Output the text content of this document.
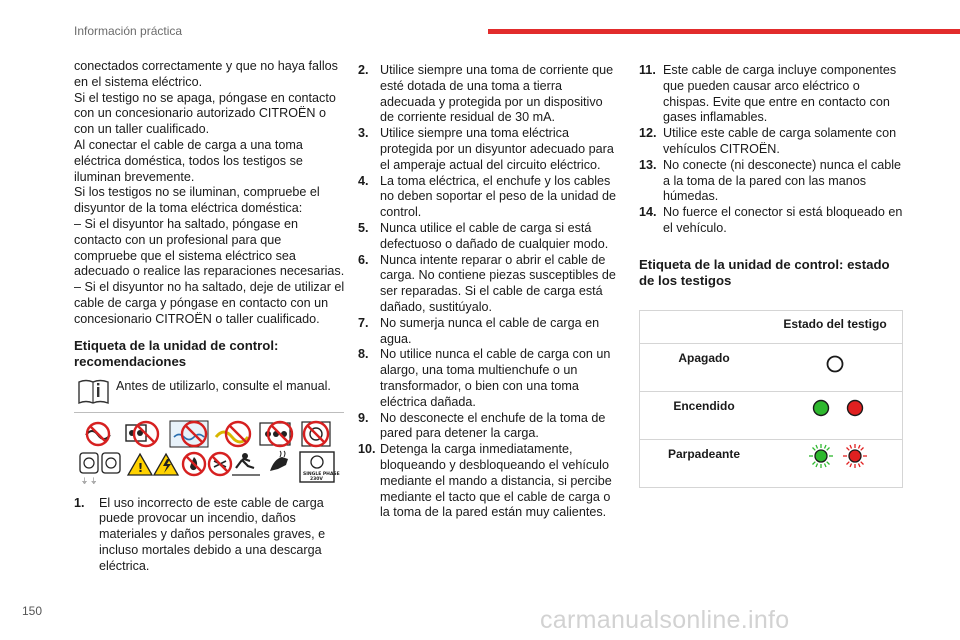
Información práctica

conectados correctamente y que no haya fallos en el sistema eléctrico.

Si el testigo no se apaga, póngase en contacto con un concesionario autorizado CITROËN o con un taller cualificado.

Al conectar el cable de carga a una toma eléctrica doméstica, todos los testigos se iluminan brevemente.

Si los testigos no se iluminan, compruebe el disyuntor de la toma eléctrica doméstica:

– Si el disyuntor ha saltado, póngase en contacto con un profesional para que compruebe que el sistema eléctrico sea adecuado o realice las reparaciones necesarias.

– Si el disyuntor no ha saltado, deje de utilizar el cable de carga y póngase en contacto con un concesionario CITROËN o taller cualificado.

Etiqueta de la unidad de control: recomendaciones
Antes de utilizarlo, consulte el manual.
⏚ ⏚
!	SINGLE PHASE
230V
1.	El uso incorrecto de este cable de carga puede provocar un incendio, daños materiales y daños personales graves, e incluso mortales debido a una descarga eléctrica.
2. Utilice siempre una toma de corriente que esté dotada de una toma a tierra adecuada y protegida por un dispositivo de corriente residual de 30 mA.
3. Utilice siempre una toma eléctrica protegida por un disyuntor adecuado para el amperaje actual del circuito eléctrico.
4. La toma eléctrica, el enchufe y los cables no deben soportar el peso de la unidad de control.
5. Nunca utilice el cable de carga si está defectuoso o dañado de cualquier modo.
6. Nunca intente reparar o abrir el cable de carga. No contiene piezas susceptibles de ser reparadas. Si el cable de carga está dañado, sustitúyalo.
7. No sumerja nunca el cable de carga en agua.
8. No utilice nunca el cable de carga con un alargo, una toma multienchufe o un transformador, o bien con una toma eléctrica dañada.
9. No desconecte el enchufe de la toma de pared para detener la carga.
10. Detenga la carga inmediatamente, bloqueando y desbloqueando el vehículo mediante el mando a distancia, si percibe mediante el tacto que el cable de carga o la toma de la pared están muy calientes.
11. Este cable de carga incluye componentes que pueden causar arco eléctrico o chispas. Evite que entre en contacto con gases inflamables.
12. Utilice este cable de carga solamente con vehículos CITROËN.
13. No conecte (ni desconecte) nunca el cable a la toma de la pared con las manos húmedas.
14. No fuerce el conector si está bloqueado en el vehículo.
Etiqueta de la unidad de control: estado de los testigos
	Estado del testigo
Apagado	

Encendido	

Parpadeante	
150	carmanualsonline.info
